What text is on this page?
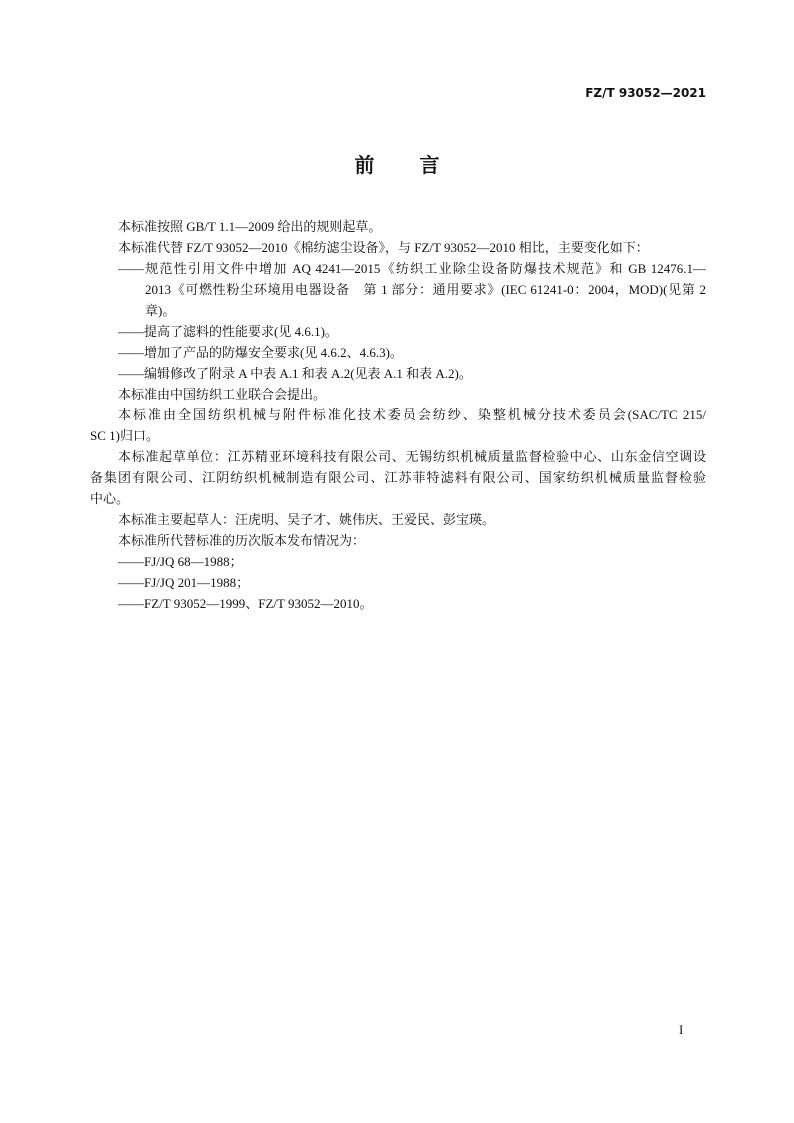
FZ/T 93052—2021
前　言
本标准按照 GB/T 1.1—2009 给出的规则起草。
本标准代替 FZ/T 93052—2010《棉纺滤尘设备》，与 FZ/T 93052—2010 相比，主要变化如下：
——规范性引用文件中增加 AQ 4241—2015《纺织工业除尘设备防爆技术规范》和 GB 12476.1—
2013《可燃性粉尘环境用电器设备　第 1 部分：通用要求》(IEC 61241-0：2004，MOD)(见第 2
章)。
——提高了滤料的性能要求(见 4.6.1)。
——增加了产品的防爆安全要求(见 4.6.2、4.6.3)。
——编辑修改了附录 A 中表 A.1 和表 A.2(见表 A.1 和表 A.2)。
本标准由中国纺织工业联合会提出。
本标准由全国纺织机械与附件标准化技术委员会纺纱、染整机械分技术委员会(SAC/TC 215/
SC 1)归口。
本标准起草单位：江苏精亚环境科技有限公司、无锡纺织机械质量监督检验中心、山东金信空调设
备集团有限公司、江阴纺织机械制造有限公司、江苏菲特滤料有限公司、国家纺织机械质量监督检验
中心。
本标准主要起草人：汪虎明、吴子才、姚伟庆、王爱民、彭宝瑛。
本标准所代替标准的历次版本发布情况为：
——FJ/JQ 68—1988；
——FJ/JQ 201—1988；
——FZ/T 93052—1999、FZ/T 93052—2010。
I
